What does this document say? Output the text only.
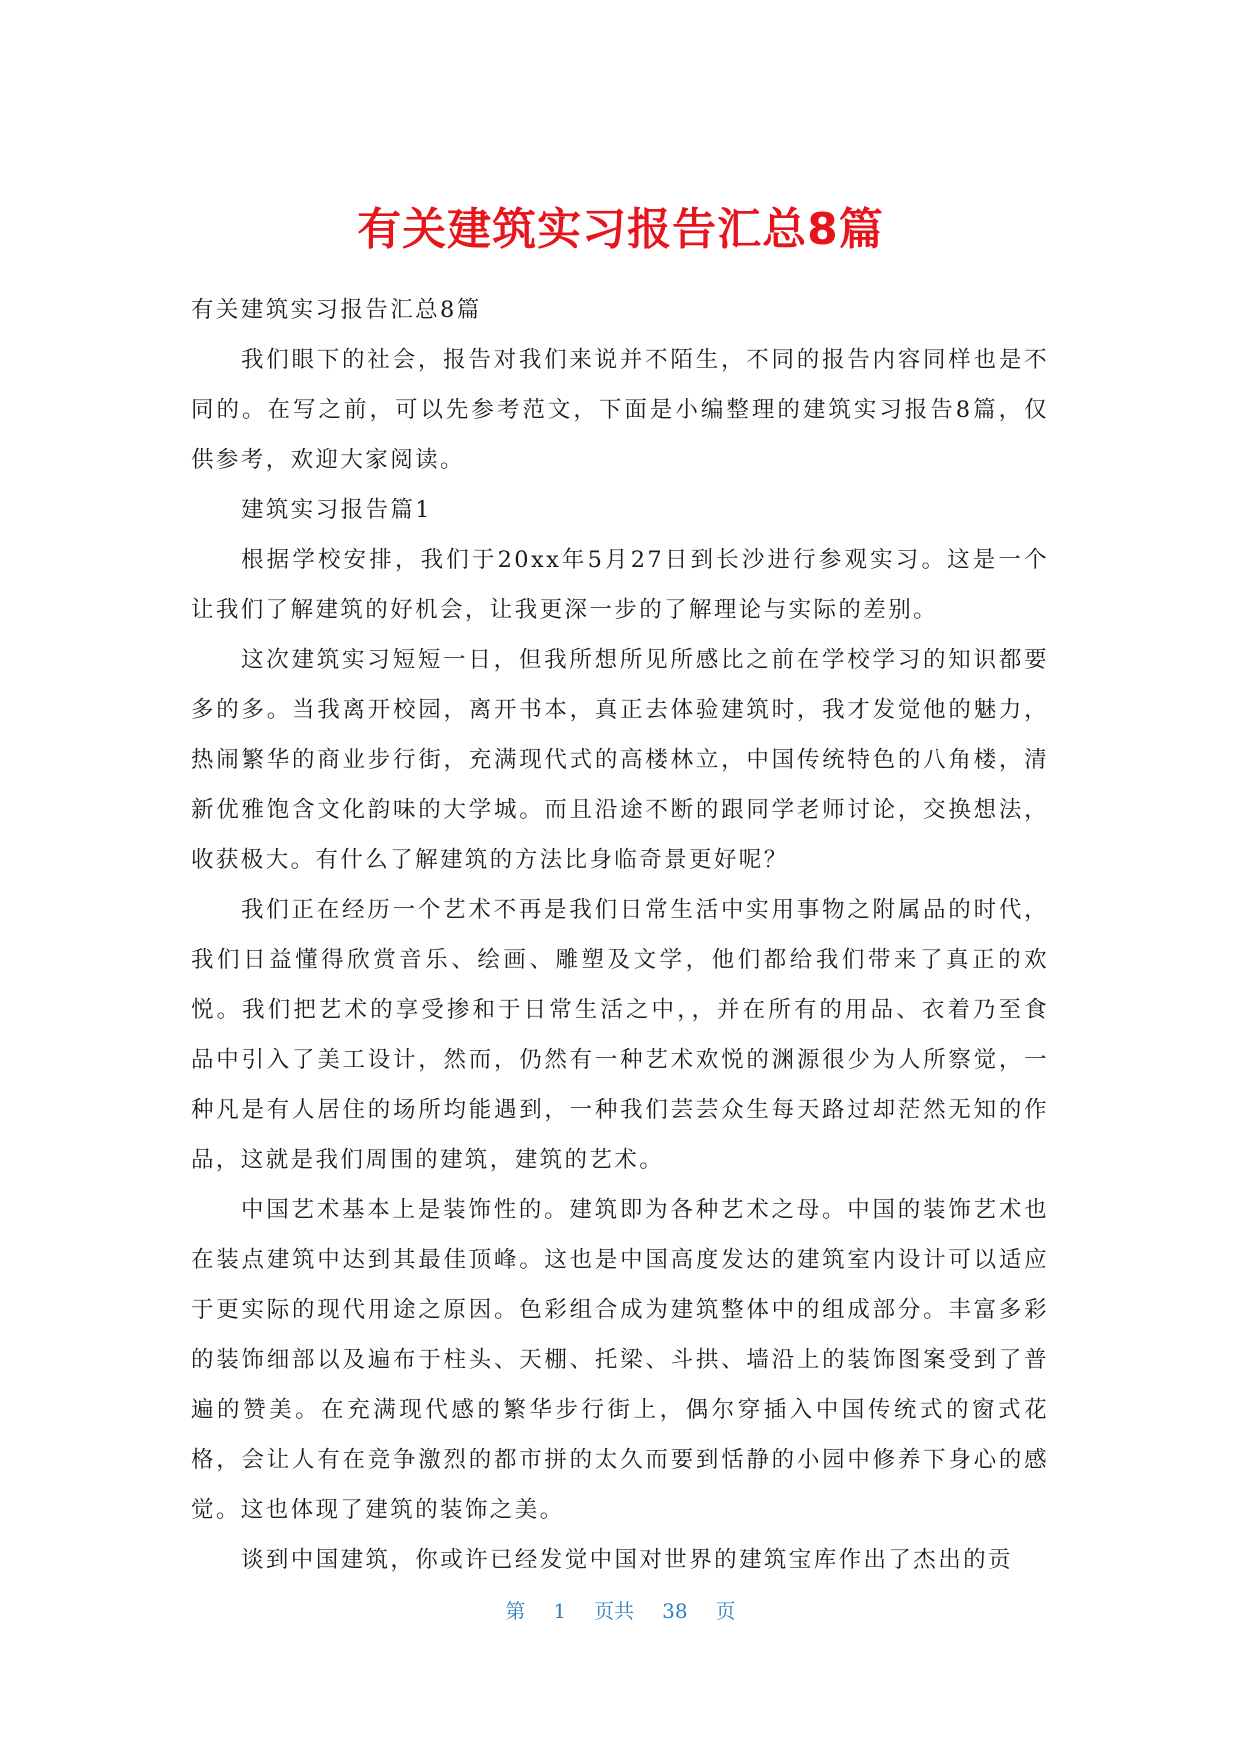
有关建筑实习报告汇总8篇

有关建筑实习报告汇总8篇

我们眼下的社会，报告对我们来说并不陌生，不同的报告内容同样也是不同的。在写之前，可以先参考范文，下面是小编整理的建筑实习报告8篇，仅供参考，欢迎大家阅读。

建筑实习报告篇1

根据学校安排，我们于20xx年5月27日到长沙进行参观实习。这是一个让我们了解建筑的好机会，让我更深一步的了解理论与实际的差别。

这次建筑实习短短一日，但我所想所见所感比之前在学校学习的知识都要多的多。当我离开校园，离开书本，真正去体验建筑时，我才发觉他的魅力，热闹繁华的商业步行街，充满现代式的高楼林立，中国传统特色的八角楼，清新优雅饱含文化韵味的大学城。而且沿途不断的跟同学老师讨论，交换想法，收获极大。有什么了解建筑的方法比身临奇景更好呢？

我们正在经历一个艺术不再是我们日常生活中实用事物之附属品的时代，我们日益懂得欣赏音乐、绘画、雕塑及文学，他们都给我们带来了真正的欢悦。我们把艺术的享受掺和于日常生活之中，，并在所有的用品、衣着乃至食品中引入了美工设计，然而，仍然有一种艺术欢悦的渊源很少为人所察觉，一种凡是有人居住的场所均能遇到，一种我们芸芸众生每天路过却茫然无知的作品，这就是我们周围的建筑，建筑的艺术。

中国艺术基本上是装饰性的。建筑即为各种艺术之母。中国的装饰艺术也在装点建筑中达到其最佳顶峰。这也是中国高度发达的建筑室内设计可以适应于更实际的现代用途之原因。色彩组合成为建筑整体中的组成部分。丰富多彩的装饰细部以及遍布于柱头、天棚、托梁、斗拱、墙沿上的装饰图案受到了普遍的赞美。在充满现代感的繁华步行街上，偶尔穿插入中国传统式的窗式花格，会让人有在竞争激烈的都市拼的太久而要到恬静的小园中修养下身心的感觉。这也体现了建筑的装饰之美。

谈到中国建筑，你或许已经发觉中国对世界的建筑宝库作出了杰出的贡

第 1 页共 38 页
